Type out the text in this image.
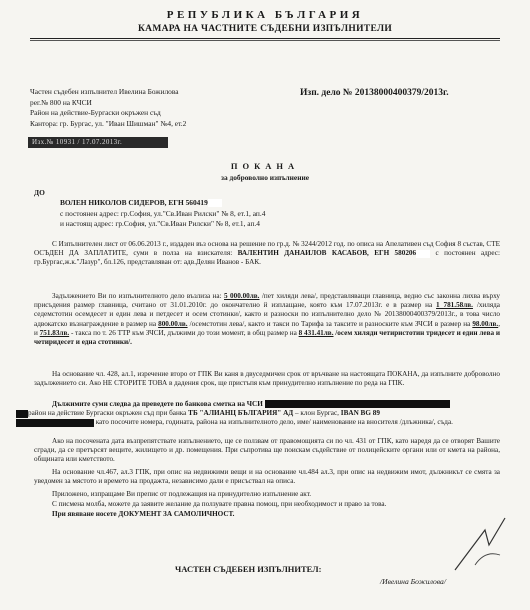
РЕПУБЛИКА БЪЛГАРИЯ
КАМАРА НА ЧАСТНИТЕ СЪДЕБНИ ИЗПЪЛНИТЕЛИ
Частен съдебен изпълнител Ивелина Божилова
рег.№ 800 на КЧСИ
Район на действие-Бургаски окръжен съд
Кантора: гр. Бургас, ул. "Иван Шишман" №4, ет.2
Изп. дело № 20138000400379/2013г.
Изх.№ 10931 / 17.07.2013г.
ПОКАНА
за доброволно изпълнение
ДО
ВОЛЕН НИКОЛОВ СИДЕРОВ, ЕГН 560419
с постоянен адрес: гр.София, ул."Св.Иван Рилски" № 8, ет.1, ап.4
и настоящ адрес: гр.София, ул."Св.Иван Рилски" № 8, ет.1, ап.4
С Изпълнителен лист от 06.06.2013 г., издаден въз основа на решение по гр.д. № 3244/2012 год. по описа на Апелативен съд София 8 състав, СТЕ ОСЪДЕН ДА ЗАПЛАТИТЕ, суми в полза на взискателя: ВАЛЕНТИН ДАНАИЛОВ КАСАБОВ, ЕГН 580206 с постоянен адрес: гр.Бургас,ж.к."Лазур", бл.126, представляван от: адв.Делян Иванов - БАК.
Задължението Ви по изпълнителното дело възлиза на: 5 000.00лв. /пет хиляди лева/, представляващи главница, ведно със законна лихва върху присъдения размер главница, считано от 31.01.2010г. до окончателно й изплащане, която към 17.07.2013г. е в размер на 1 781.58лв. /хиляда седемстотин осемдесет и един лева и петдесет и осем стотинки/, както и разноски по изпълнително дело № 20138000400379/2013г., в това число адвокатско възнаграждение в размер на 800.00лв. /осемстотин лева/, както и такси по Тарифа за таксите и разноските към ЗЧСИ в размер на 98.00лв., и 751.83лв. - такса по т. 26 ТТР към ЗЧСИ, дължими до този момент, в общ размер на 8 431.41лв. /осем хиляди четиристотин тридесет и един лева и четиридесет и една стотинки/.
На основание чл. 428, ал.1, изречение второ от ГПК Ви каня в двуседмичен срок от връчване на настоящата ПОКАНА, да изпълните доброволно задължението си. Ако НЕ СТОРИТЕ ТОВА в дадения срок, ще пристъпя към принудително изпълнение по реда на ГПК.
Дължимите суми следва да преведете по банкова сметка на ЧСИ
район на действие Бургаски окръжен съд при банка ТБ "АЛИАНЦ БЪЛГАРИЯ" АД – клон Бургас, IBAN BG 89
като посочите номера, годината, района на изпълнителното дело, име/ наименование на вносителя /длъжника/, съда.
Ако на посочената дата възпрепятствате изпълнението, ще се ползвам от правомощията си по чл. 431 от ГПК, като наредя да се отворят Вашите сгради, да се претърсят вещите, жилището и др. помещения. При съпротива ще поискам съдействие от полицейските органи или от кмета на района, общината или кметството.
На основание чл.467, ал.3 ГПК, при опис на недвижими вещи и на основание чл.484 ал.3, при опис на недвижим имот, дължникът се смята за уведомен за мястото и времето на продажта, независимо дали е присъствал на описа.
Приложено, изпращаме Ви препис от подлежащия на принудително изпълнение акт.
С писмена молба, можете да заявите желание да ползувате правна помощ, при необходимост и право за това.
При явяване носете ДОКУМЕНТ ЗА САМОЛИЧНОСТ.
ЧАСТЕН СЪДЕБЕН ИЗПЪЛНИТЕЛ:
/Ивелина Божилова/
